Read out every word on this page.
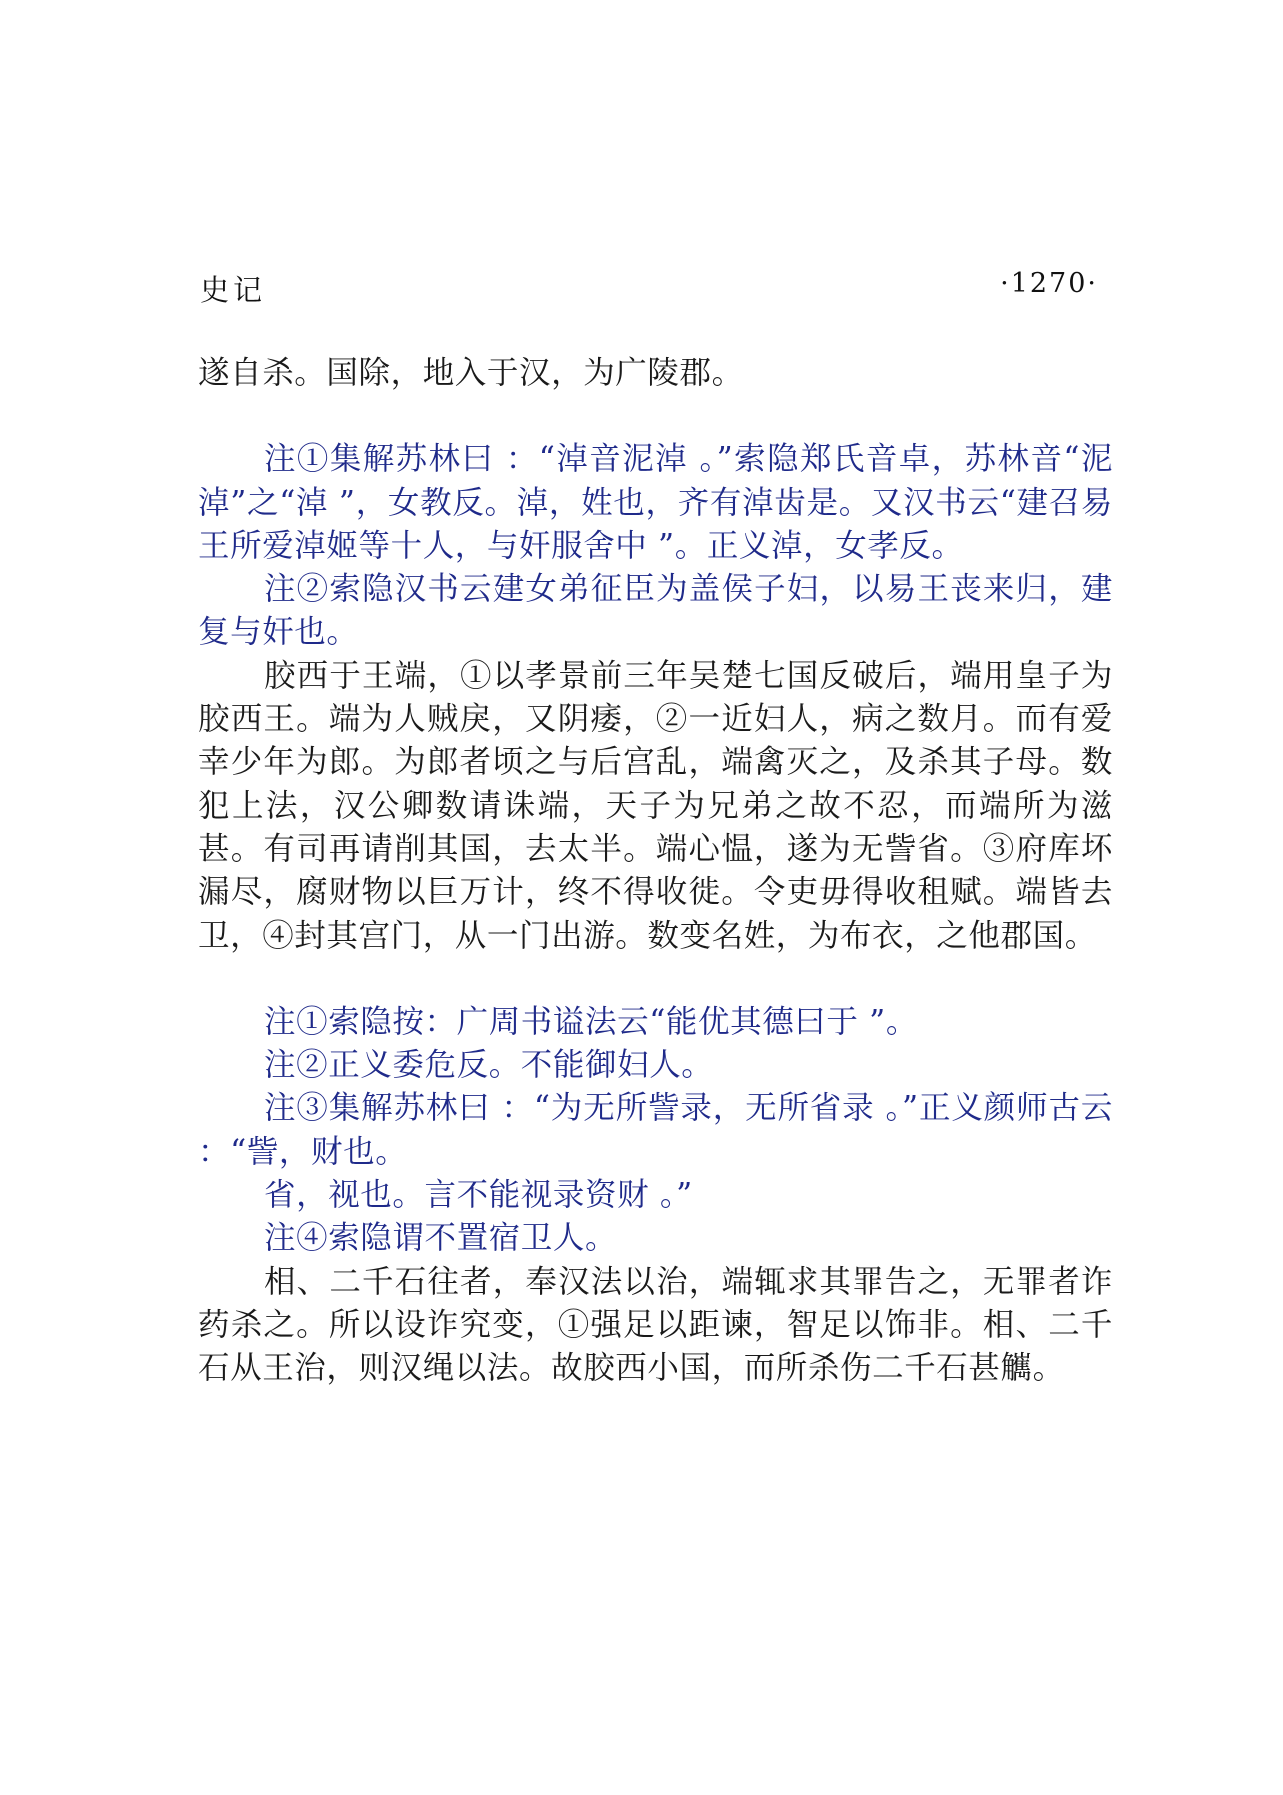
史记	·1270·

遂自杀。国除，地入于汉，为广陵郡。

注①集解苏林曰 ：“淖音泥淖 。”索隐郑氏音卓，苏林音“泥淖”之“淖 ”，女教反。淖，姓也，齐有淖齿是。又汉书云“建召易王所爱淖姬等十人，与奸服舍中 ”。正义淖，女孝反。

注②索隐汉书云建女弟征臣为盖侯子妇，以易王丧来归，建复与奸也。

胶西于王端，①以孝景前三年吴楚七国反破后，端用皇子为胶西王。端为人贼戾，又阴痿，②一近妇人，病之数月。而有爱幸少年为郎。为郎者顷之与后宫乱，端禽灭之，及杀其子母。数犯上法，汉公卿数请诛端，天子为兄弟之故不忍，而端所为滋甚。有司再请削其国，去太半。端心愠，遂为无訾省。③府库坏漏尽，腐财物以巨万计，终不得收徙。令吏毋得收租赋。端皆去卫，④封其宫门，从一门出游。数变名姓，为布衣，之他郡国。

注①索隐按：广周书谥法云“能优其德曰于 ”。

注②正义委危反。不能御妇人。

注③集解苏林曰 ：“为无所訾录，无所省录 。”正义颜师古云 ：“訾，财也。

省，视也。言不能视录资财 。”

注④索隐谓不置宿卫人。

相、二千石往者，奉汉法以治，端辄求其罪告之，无罪者诈药杀之。所以设诈究变，①强足以距谏，智足以饰非。相、二千石从王治，则汉绳以法。故胶西小国，而所杀伤二千石甚觽。
